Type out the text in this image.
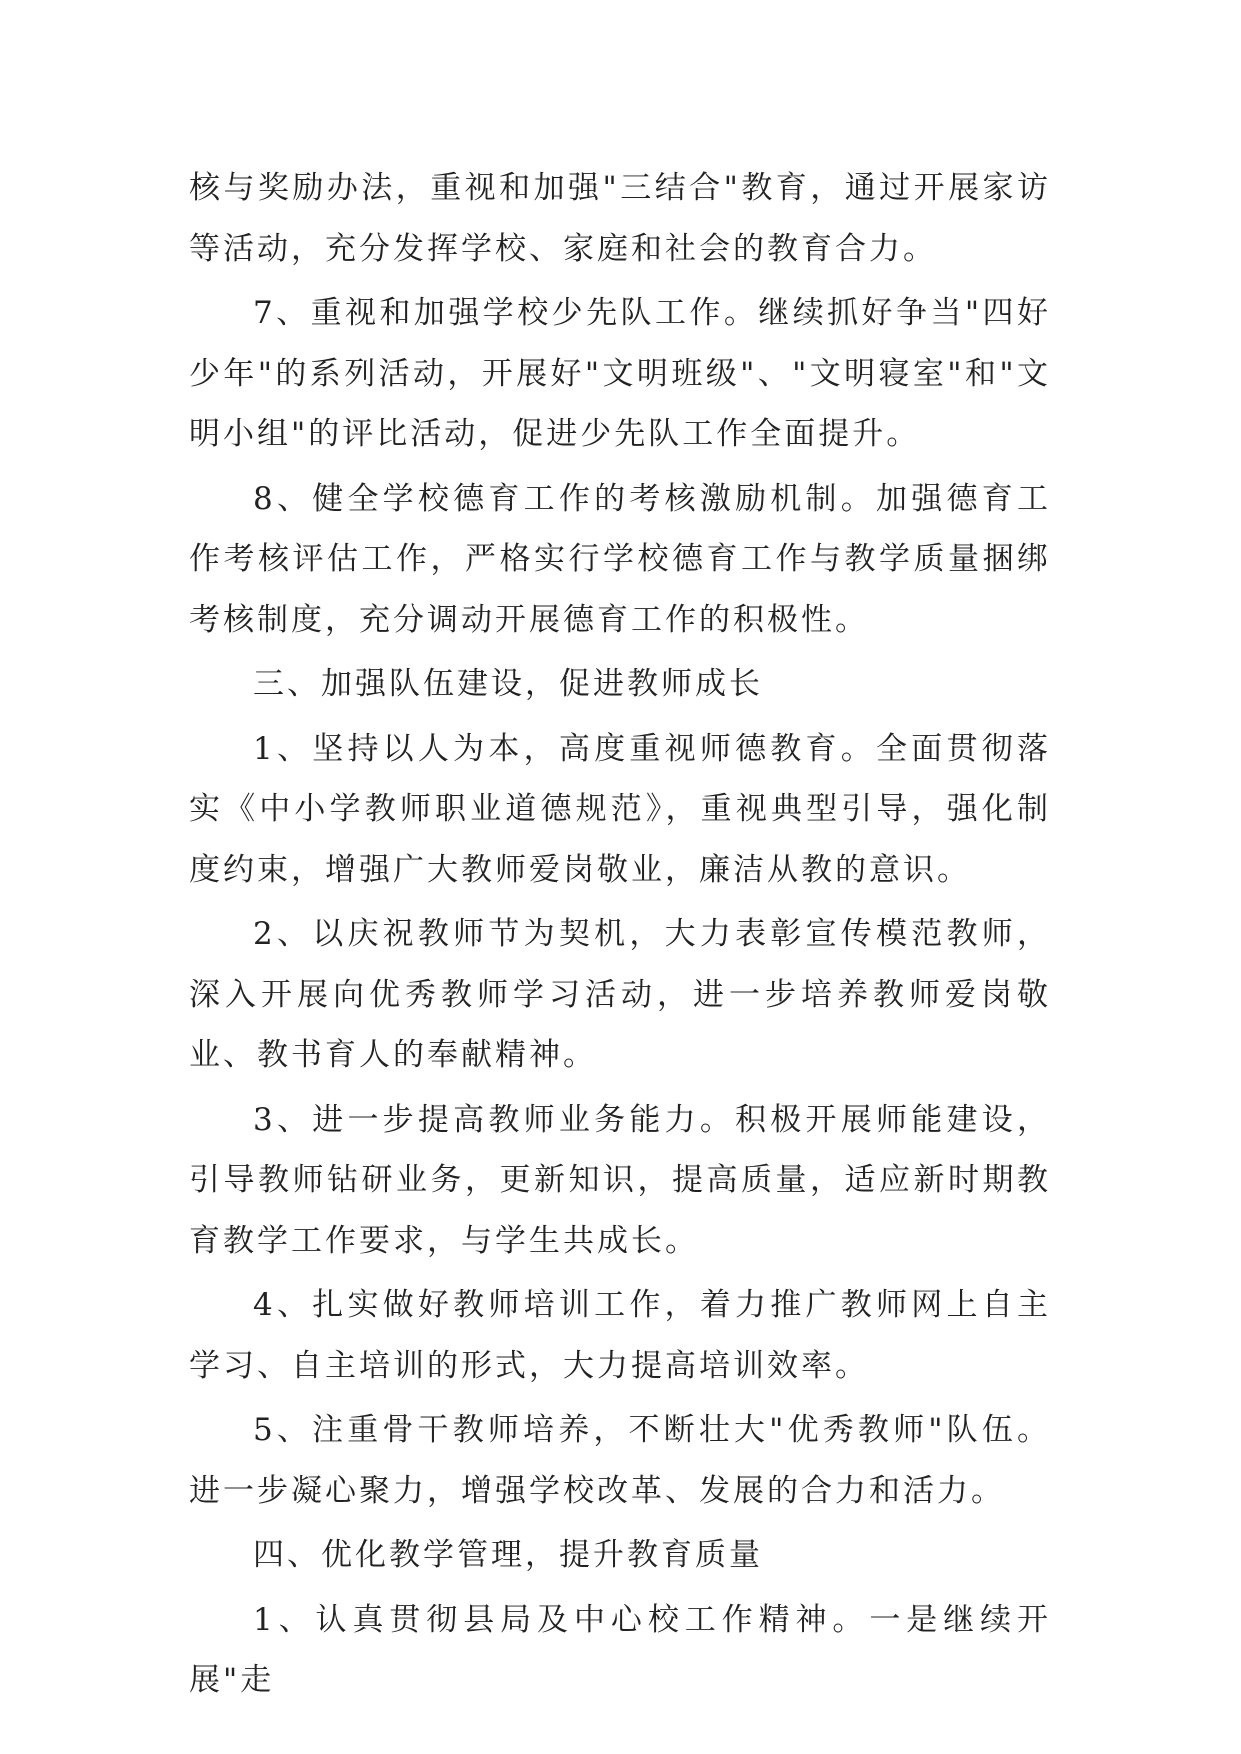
核与奖励办法，重视和加强"三结合"教育，通过开展家访等活动，充分发挥学校、家庭和社会的教育合力。

7、重视和加强学校少先队工作。继续抓好争当"四好少年"的系列活动，开展好"文明班级"、"文明寝室"和"文明小组"的评比活动，促进少先队工作全面提升。

8、健全学校德育工作的考核激励机制。加强德育工作考核评估工作，严格实行学校德育工作与教学质量捆绑考核制度，充分调动开展德育工作的积极性。

三、加强队伍建设，促进教师成长

1、坚持以人为本，高度重视师德教育。全面贯彻落实《中小学教师职业道德规范》，重视典型引导，强化制度约束，增强广大教师爱岗敬业，廉洁从教的意识。

2、以庆祝教师节为契机，大力表彰宣传模范教师，深入开展向优秀教师学习活动，进一步培养教师爱岗敬业、教书育人的奉献精神。

3、进一步提高教师业务能力。积极开展师能建设，引导教师钻研业务，更新知识，提高质量，适应新时期教育教学工作要求，与学生共成长。

4、扎实做好教师培训工作，着力推广教师网上自主学习、自主培训的形式，大力提高培训效率。

5、注重骨干教师培养，不断壮大"优秀教师"队伍。进一步凝心聚力，增强学校改革、发展的合力和活力。

四、优化教学管理，提升教育质量

1、认真贯彻县局及中心校工作精神。一是继续开展"走
